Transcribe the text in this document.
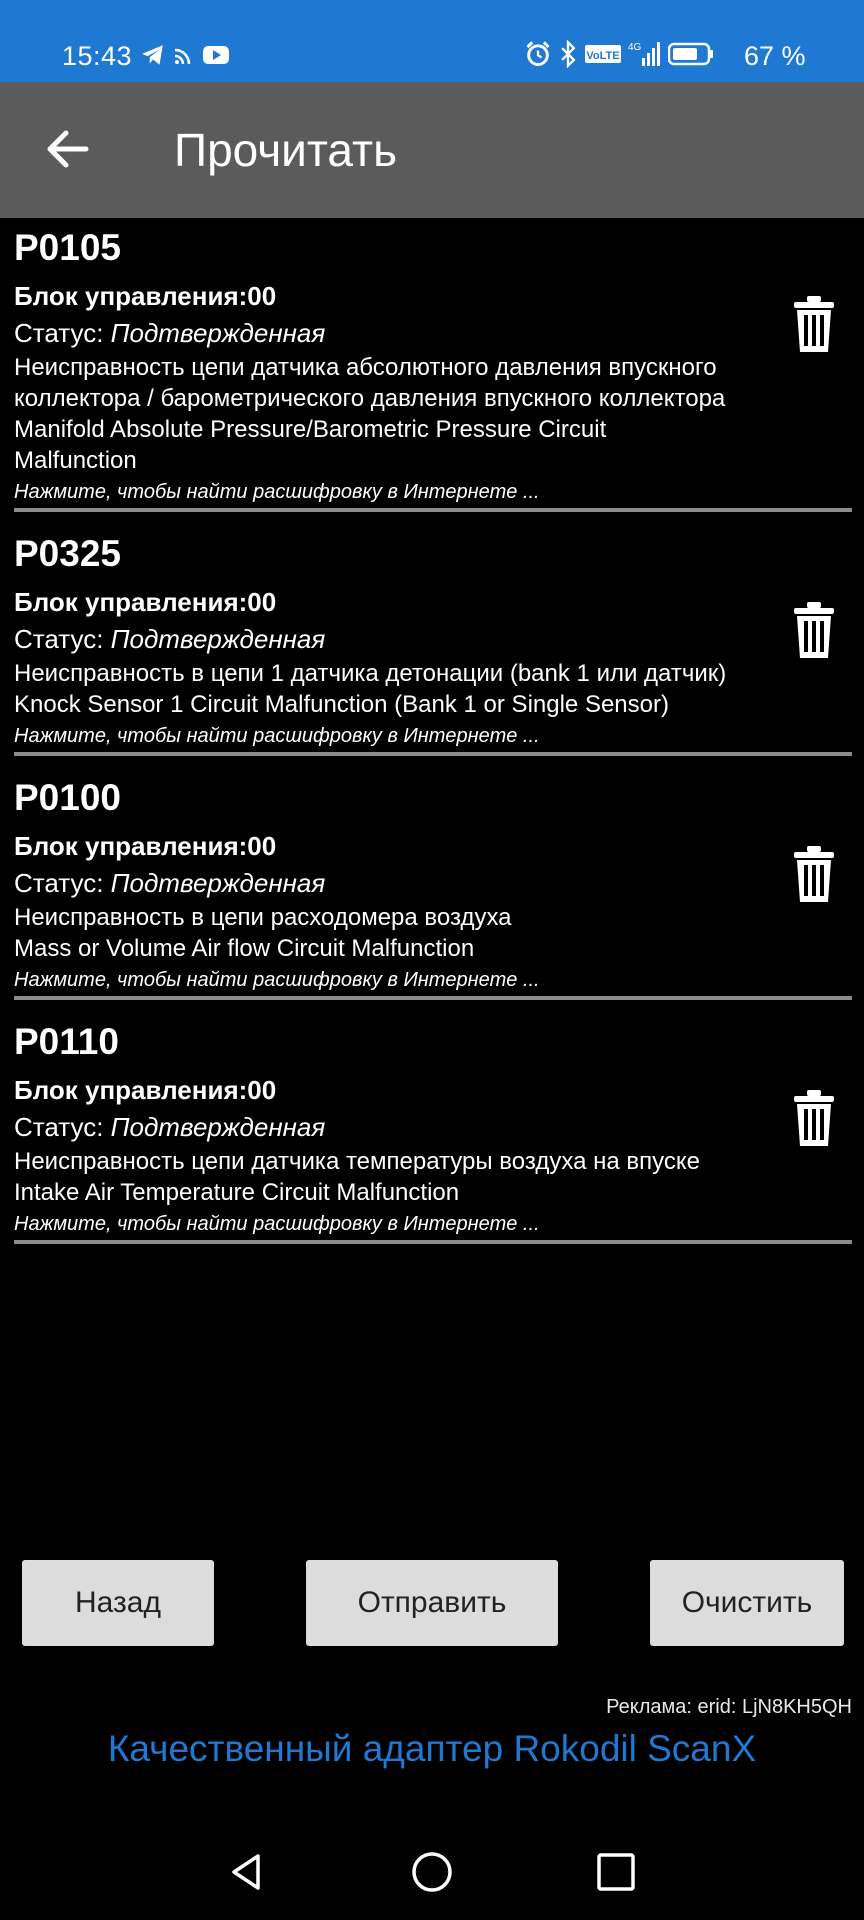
15:43	VoLTE
4G	67 %
Прочитать
P0105
Блок управления:00
Статус: Подтвержденная
Неисправность цепи датчика абсолютного давления впускного коллектора / барометрического давления впускного коллектора
Manifold Absolute Pressure/Barometric Pressure Circuit Malfunction
Нажмите, чтобы найти расшифровку в Интернете ...
P0325
Блок управления:00
Статус: Подтвержденная
Неисправность в цепи 1 датчика детонации (bank 1 или датчик)
Knock Sensor 1 Circuit Malfunction (Bank 1 or Single Sensor)
Нажмите, чтобы найти расшифровку в Интернете ...
P0100
Блок управления:00
Статус: Подтвержденная
Неисправность в цепи расходомера воздуха
Mass or Volume Air flow Circuit Malfunction
Нажмите, чтобы найти расшифровку в Интернете ...
P0110
Блок управления:00
Статус: Подтвержденная
Неисправность цепи датчика температуры воздуха на впуске
Intake Air Temperature Circuit Malfunction
Нажмите, чтобы найти расшифровку в Интернете ...
Назад	Отправить	Очистить
Реклама: erid: LjN8KH5QH
Качественный адаптер Rokodil ScanX
